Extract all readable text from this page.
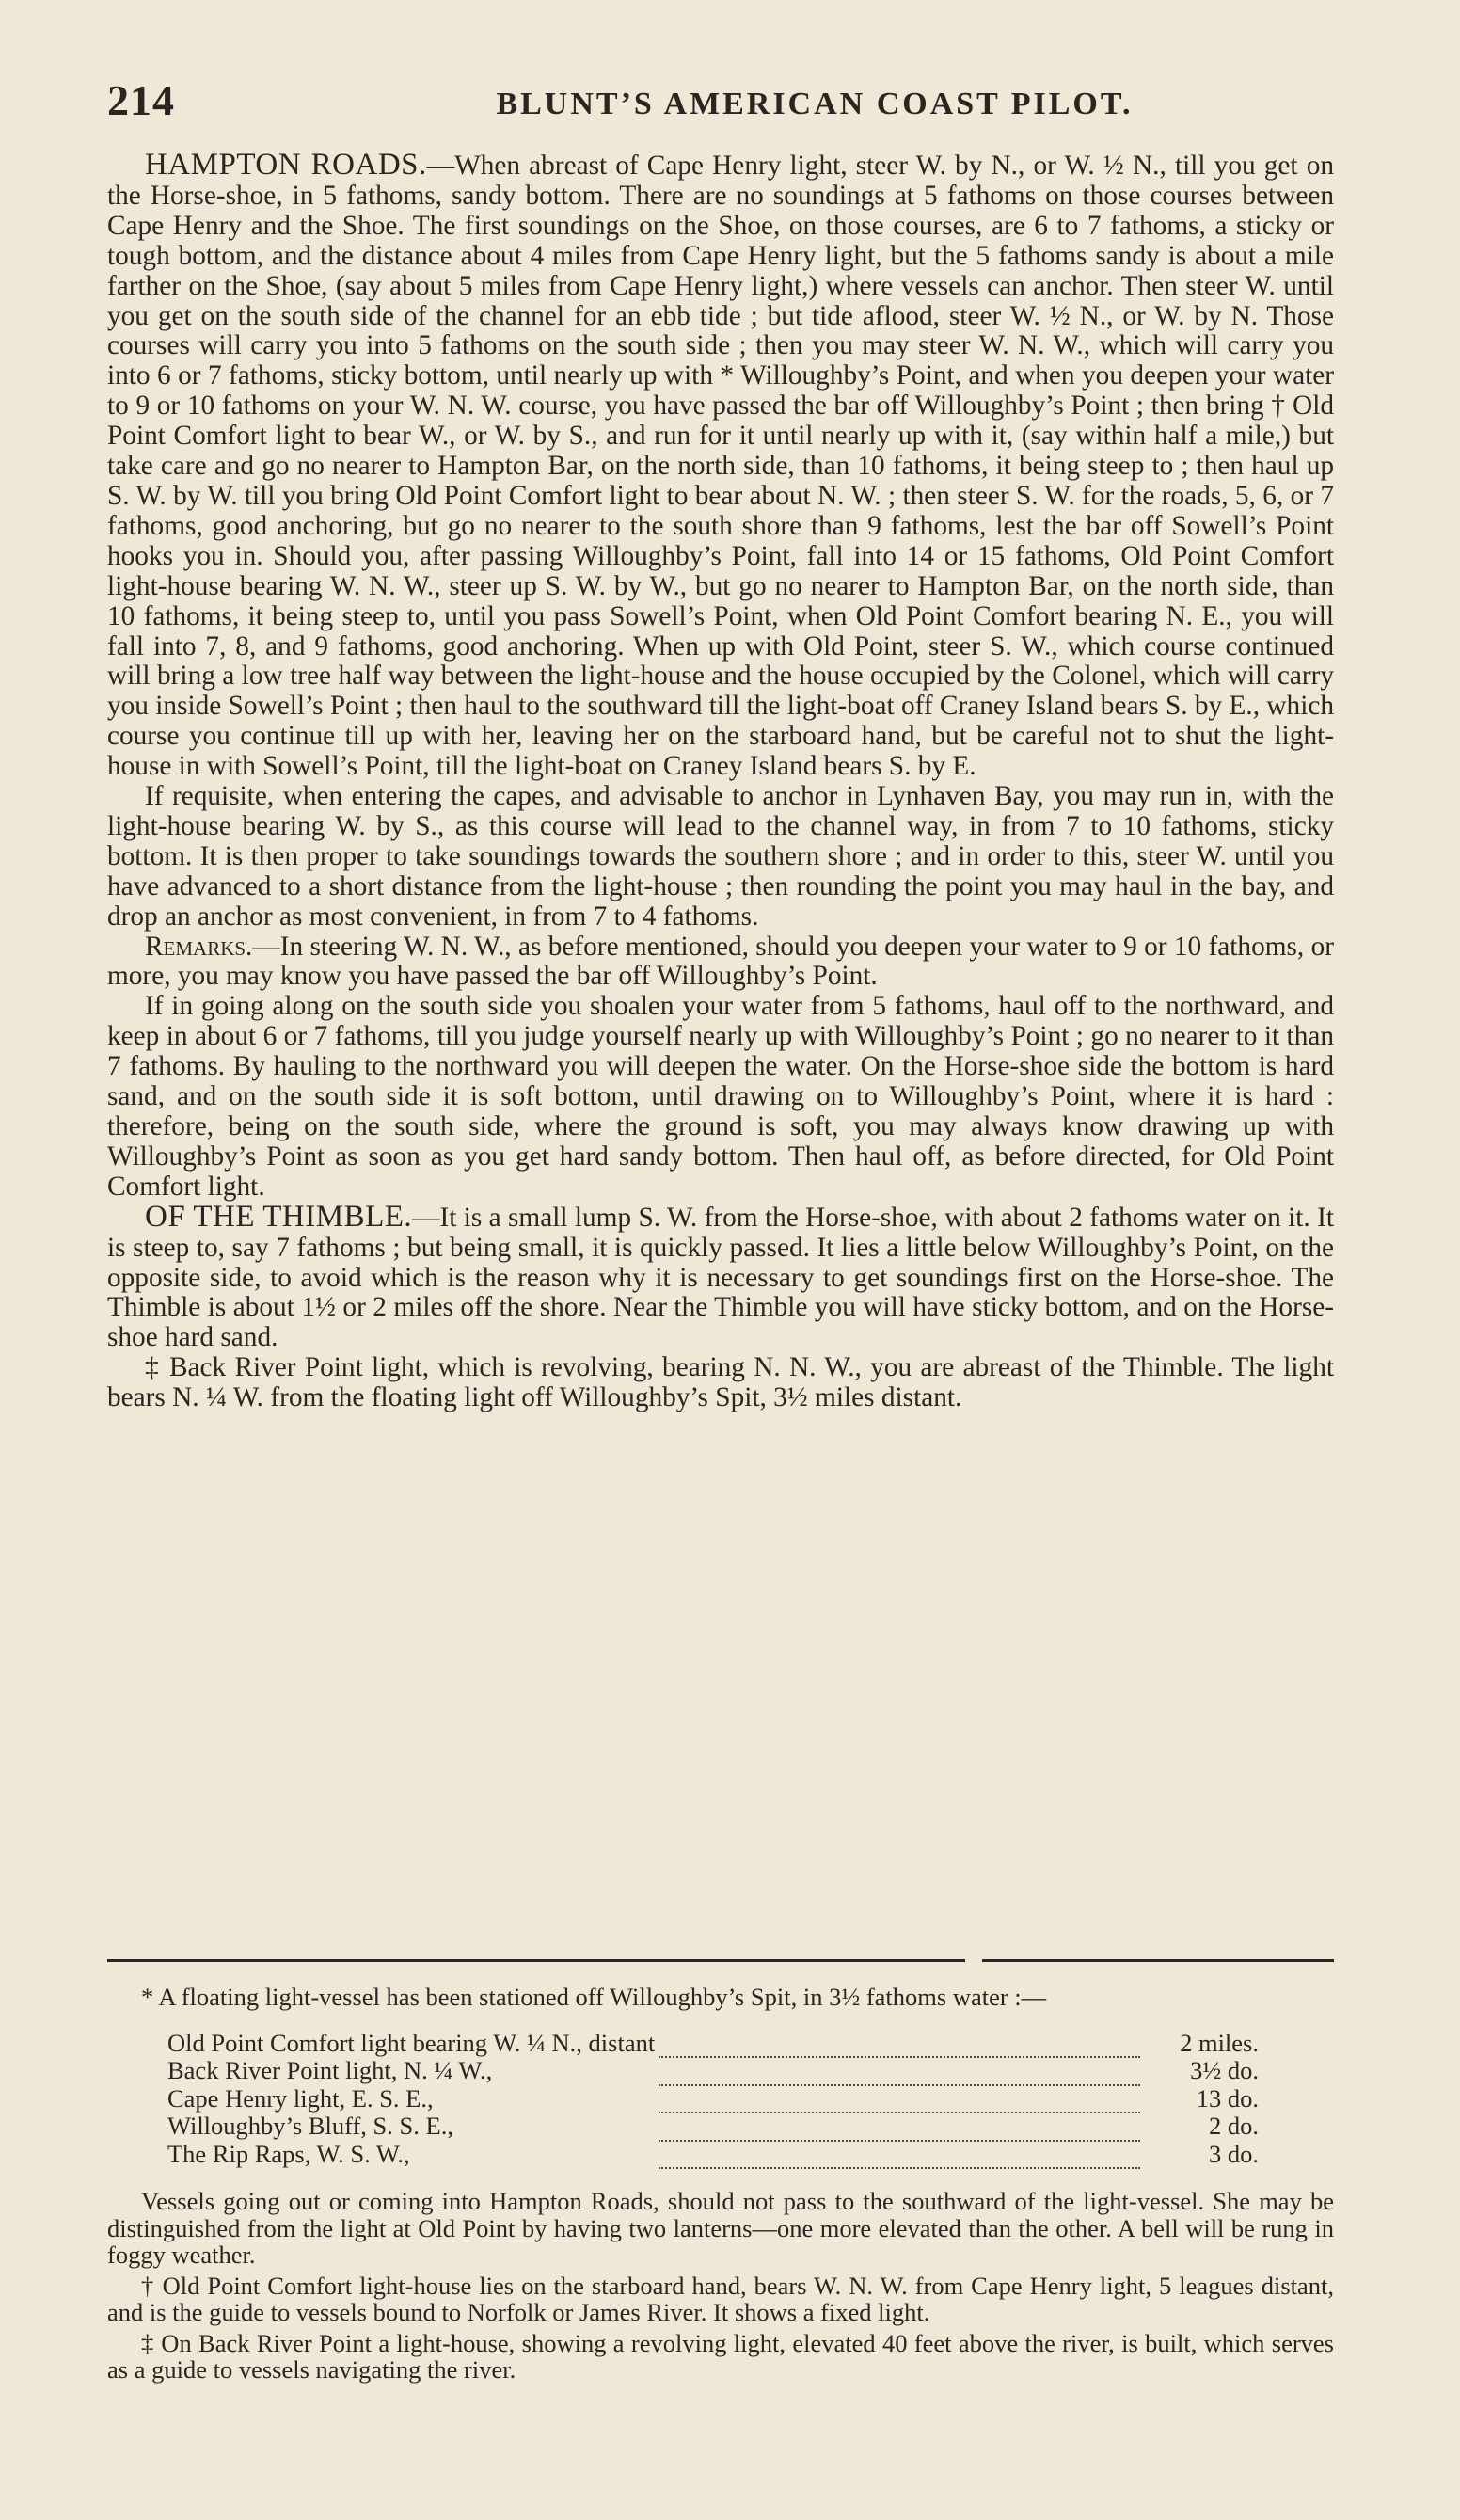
214	BLUNT’S AMERICAN COAST PILOT.

HAMPTON ROADS.—When abreast of Cape Henry light, steer W. by N., or W. ½ N., till you get on the Horse-shoe, in 5 fathoms, sandy bottom. There are no soundings at 5 fathoms on those courses between Cape Henry and the Shoe. The first soundings on the Shoe, on those courses, are 6 to 7 fathoms, a sticky or tough bottom, and the distance about 4 miles from Cape Henry light, but the 5 fathoms sandy is about a mile farther on the Shoe, (say about 5 miles from Cape Henry light,) where vessels can anchor. Then steer W. until you get on the south side of the channel for an ebb tide ; but tide aflood, steer W. ½ N., or W. by N. Those courses will carry you into 5 fathoms on the south side ; then you may steer W. N. W., which will carry you into 6 or 7 fathoms, sticky bottom, until nearly up with * Willoughby’s Point, and when you deepen your water to 9 or 10 fathoms on your W. N. W. course, you have passed the bar off Willoughby’s Point ; then bring † Old Point Comfort light to bear W., or W. by S., and run for it until nearly up with it, (say within half a mile,) but take care and go no nearer to Hampton Bar, on the north side, than 10 fathoms, it being steep to ; then haul up S. W. by W. till you bring Old Point Comfort light to bear about N. W. ; then steer S. W. for the roads, 5, 6, or 7 fathoms, good anchoring, but go no nearer to the south shore than 9 fathoms, lest the bar off Sowell’s Point hooks you in. Should you, after passing Willoughby’s Point, fall into 14 or 15 fathoms, Old Point Comfort light-house bearing W. N. W., steer up S. W. by W., but go no nearer to Hampton Bar, on the north side, than 10 fathoms, it being steep to, until you pass Sowell’s Point, when Old Point Comfort bearing N. E., you will fall into 7, 8, and 9 fathoms, good anchoring. When up with Old Point, steer S. W., which course continued will bring a low tree half way between the light-house and the house occupied by the Colonel, which will carry you inside Sowell’s Point ; then haul to the southward till the light-boat off Craney Island bears S. by E., which course you continue till up with her, leaving her on the starboard hand, but be careful not to shut the light-house in with Sowell’s Point, till the light-boat on Craney Island bears S. by E.

If requisite, when entering the capes, and advisable to anchor in Lynhaven Bay, you may run in, with the light-house bearing W. by S., as this course will lead to the channel way, in from 7 to 10 fathoms, sticky bottom. It is then proper to take soundings towards the southern shore ; and in order to this, steer W. until you have advanced to a short distance from the light-house ; then rounding the point you may haul in the bay, and drop an anchor as most convenient, in from 7 to 4 fathoms.

Remarks.—In steering W. N. W., as before mentioned, should you deepen your water to 9 or 10 fathoms, or more, you may know you have passed the bar off Willoughby’s Point.

If in going along on the south side you shoalen your water from 5 fathoms, haul off to the northward, and keep in about 6 or 7 fathoms, till you judge yourself nearly up with Willoughby’s Point ; go no nearer to it than 7 fathoms. By hauling to the northward you will deepen the water. On the Horse-shoe side the bottom is hard sand, and on the south side it is soft bottom, until drawing on to Willoughby’s Point, where it is hard : therefore, being on the south side, where the ground is soft, you may always know drawing up with Willoughby’s Point as soon as you get hard sandy bottom. Then haul off, as before directed, for Old Point Comfort light.

OF THE THIMBLE.—It is a small lump S. W. from the Horse-shoe, with about 2 fathoms water on it. It is steep to, say 7 fathoms ; but being small, it is quickly passed. It lies a little below Willoughby’s Point, on the opposite side, to avoid which is the reason why it is necessary to get soundings first on the Horse-shoe. The Thimble is about 1½ or 2 miles off the shore. Near the Thimble you will have sticky bottom, and on the Horse-shoe hard sand.

‡ Back River Point light, which is revolving, bearing N. N. W., you are abreast of the Thimble. The light bears N. ¼ W. from the floating light off Willoughby’s Spit, 3½ miles distant.

* A floating light-vessel has been stationed off Willoughby’s Spit, in 3½ fathoms water :—

Old Point Comfort light bearing W. ¼ N., distant		2 miles.
Back River Point light, N. ¼ W.,		3½ do.
Cape Henry light, E. S. E.,		13 do.
Willoughby’s Bluff, S. S. E.,		2 do.
The Rip Raps, W. S. W.,		3 do.

Vessels going out or coming into Hampton Roads, should not pass to the southward of the light-vessel. She may be distinguished from the light at Old Point by having two lanterns—one more elevated than the other. A bell will be rung in foggy weather.

† Old Point Comfort light-house lies on the starboard hand, bears W. N. W. from Cape Henry light, 5 leagues distant, and is the guide to vessels bound to Norfolk or James River. It shows a fixed light.

‡ On Back River Point a light-house, showing a revolving light, elevated 40 feet above the river, is built, which serves as a guide to vessels navigating the river.
